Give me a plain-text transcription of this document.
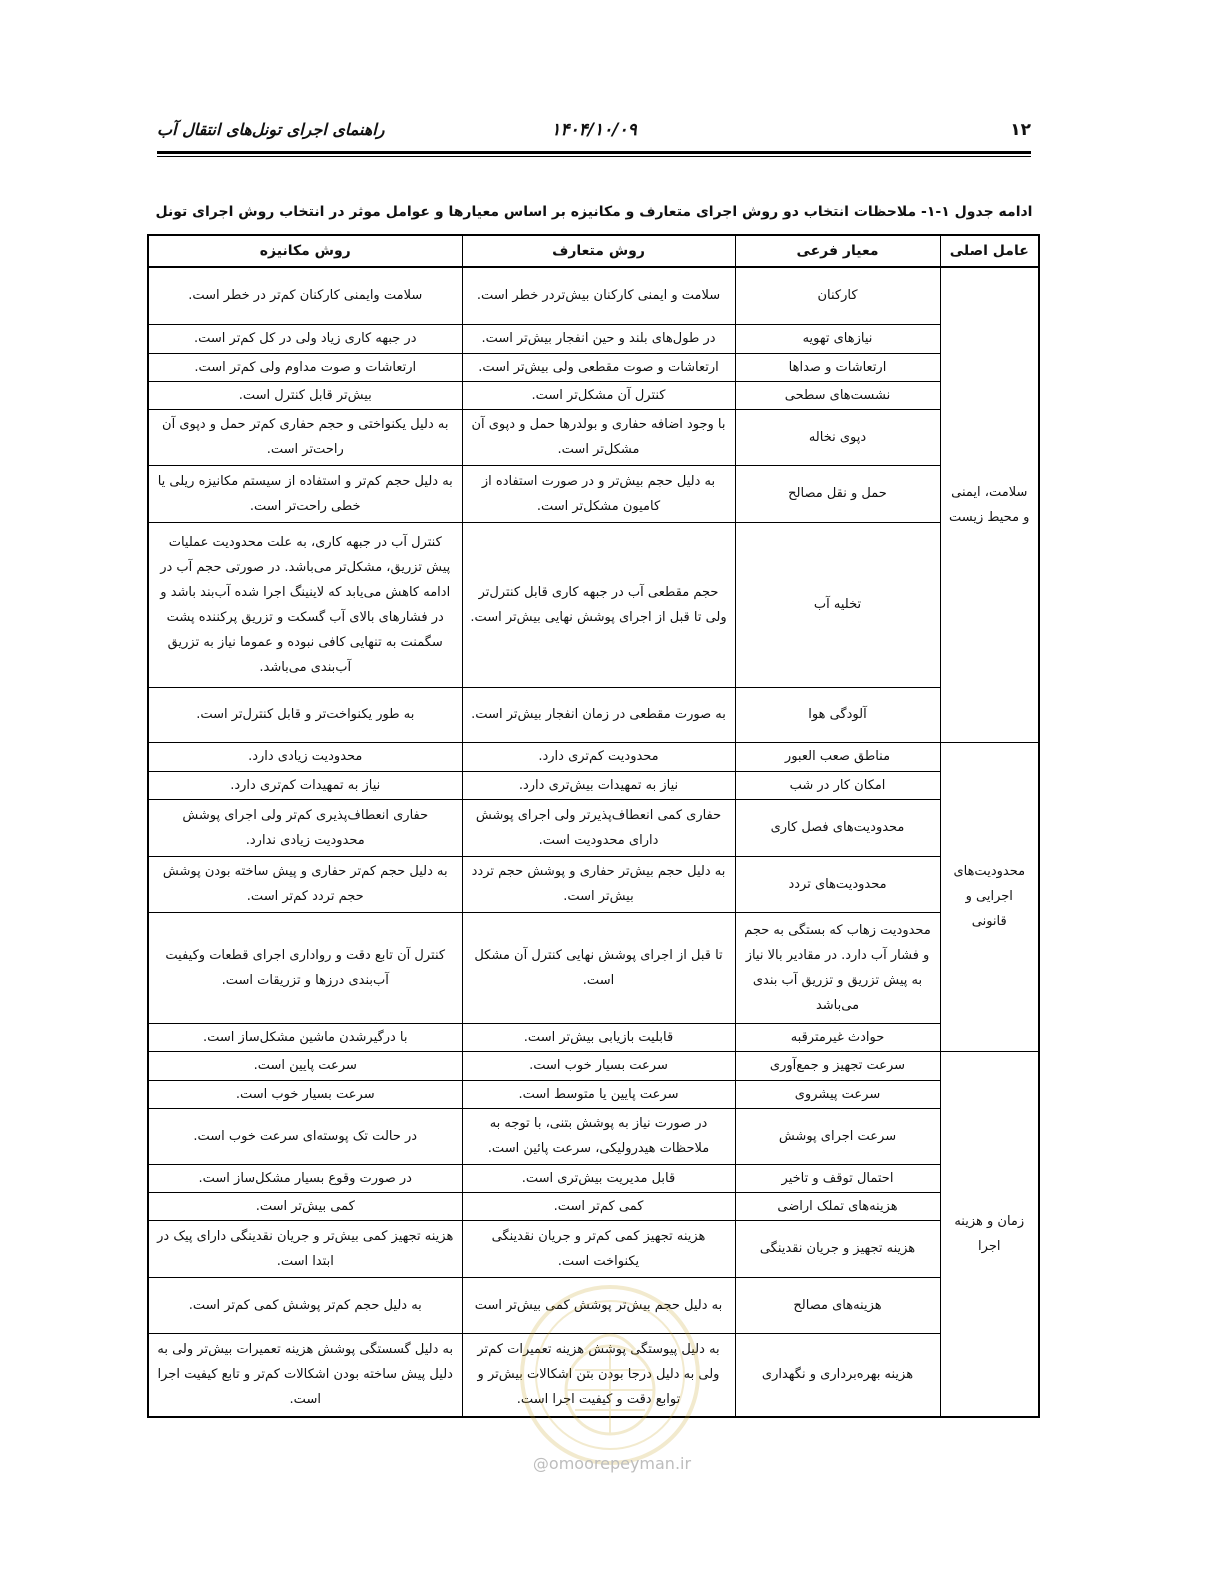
۱۲
۱۴۰۴/۱۰/۰۹
راهنمای اجرای تونل‌های انتقال آب
ادامه جدول ۱-۱- ملاحظات انتخاب دو روش اجرای متعارف و مکانیزه بر اساس معیارها و عوامل موثر در انتخاب روش اجرای تونل
عامل اصلی	معیار فرعی	روش متعارف	روش مکانیزه
سلامت، ایمنی و محیط زیست	کارکنان	سلامت و ایمنی کارکنان بیش‌تردر خطر است.	سلامت وایمنی کارکنان کم‌تر در خطر است.
	نیازهای تهویه	در طول‌های بلند و حین انفجار بیش‌تر است.	در جبهه کاری زیاد ولی در کل کم‌تر است.
	ارتعاشات و صداها	ارتعاشات و صوت مقطعی ولی بیش‌تر است.	ارتعاشات و صوت مداوم ولی کم‌تر است.
	نشست‌های سطحی	کنترل آن مشکل‌تر است.	بیش‌تر قابل کنترل است.
	دپوی نخاله	با وجود اضافه حفاری و بولدرها حمل و دپوی آن مشکل‌تر است.	به دلیل یکنواختی و حجم حفاری کم‌تر حمل و دپوی آن راحت‌تر است.
	حمل و نقل مصالح	به دلیل حجم بیش‌تر و در صورت استفاده از کامیون مشکل‌تر است.	به دلیل حجم کم‌تر و استفاده از سیستم مکانیزه ریلی یا خطی راحت‌تر است.
	تخلیه آب	حجم مقطعی آب در جبهه کاری قابل کنترل‌تر ولی تا قبل از اجرای پوشش نهایی بیش‌تر است.	کنترل آب در جبهه کاری، به علت محدودیت عملیات پیش تزریق، مشکل‌تر می‌باشد. در صورتی حجم آب در ادامه کاهش می‌یابد که لاینینگ اجرا شده آب‌بند باشد و در فشارهای بالای آب گسکت و تزریق پرکننده پشت سگمنت به تنهایی کافی نبوده و عموما نیاز به تزریق آب‌بندی می‌باشد.
	آلودگی هوا	به صورت مقطعی در زمان انفجار بیش‌تر است.	به طور یکنواخت‌تر و قابل کنترل‌تر است.
محدودیت‌های اجرایی و قانونی	مناطق صعب العبور	محدودیت کم‌تری دارد.	محدودیت زیادی دارد.
	امکان کار در شب	نیاز به تمهیدات بیش‌تری دارد.	نیاز به تمهیدات کم‌تری دارد.
	محدودیت‌های فصل کاری	حفاری کمی انعطاف‌پذیرتر ولی اجرای پوشش دارای محدودیت است.	حفاری انعطاف‌پذیری کم‌تر ولی اجرای پوشش محدودیت زیادی ندارد.
	محدودیت‌های تردد	به دلیل حجم بیش‌تر حفاری و پوشش حجم تردد بیش‌تر است.	به دلیل حجم کم‌تر حفاری و پیش ساخته بودن پوشش حجم تردد کم‌تر است.
	محدودیت زهاب که بستگی به حجم و فشار آب دارد. در مقادیر بالا نیاز به پیش تزریق و تزریق آب بندی می‌باشد	تا قبل از اجرای پوشش نهایی کنترل آن مشکل است.	کنترل آن تابع دقت و رواداری اجرای قطعات وکیفیت آب‌بندی درزها و تزریقات است.
	حوادث غیرمترقبه	قابلیت بازیابی بیش‌تر است.	با درگیرشدن ماشین مشکل‌ساز است.
زمان و هزینه اجرا	سرعت تجهیز و جمع‌آوری	سرعت بسیار خوب است.	سرعت پایین است.
	سرعت پیشروی	سرعت پایین یا متوسط است.	سرعت بسیار خوب است.
	سرعت اجرای پوشش	در صورت نیاز به پوشش بتنی، با توجه به ملاحظات هیدرولیکی، سرعت پائین است.	در حالت تک پوسته‌ای سرعت خوب است.
	احتمال توقف و تاخیر	قابل مدیریت بیش‌تری است.	در صورت وقوع بسیار مشکل‌ساز است.
	هزینه‌های تملک اراضی	کمی کم‌تر است.	کمی بیش‌تر است.
	هزینه تجهیز و جریان نقدینگی	هزینه تجهیز کمی کم‌تر و جریان نقدینگی یکنواخت است.	هزینه تجهیز کمی بیش‌تر و جریان نقدینگی دارای پیک در ابتدا است.
	هزینه‌های مصالح	به دلیل حجم بیش‌تر پوشش کمی بیش‌تر است	به دلیل حجم کم‌تر پوشش کمی کم‌تر است.
	هزینه بهره‌برداری و نگهداری	به دلیل پیوستگی پوشش هزینه تعمیرات کم‌تر ولی به دلیل درجا بودن بتن اشکالات بیش‌تر و توابع دقت و کیفیت اجرا است.	به دلیل گسستگی پوشش هزینه تعمیرات بیش‌تر ولی به دلیل پیش ساخته بودن اشکالات کم‌تر و تابع کیفیت اجرا است.
@omoorepeyman.ir
